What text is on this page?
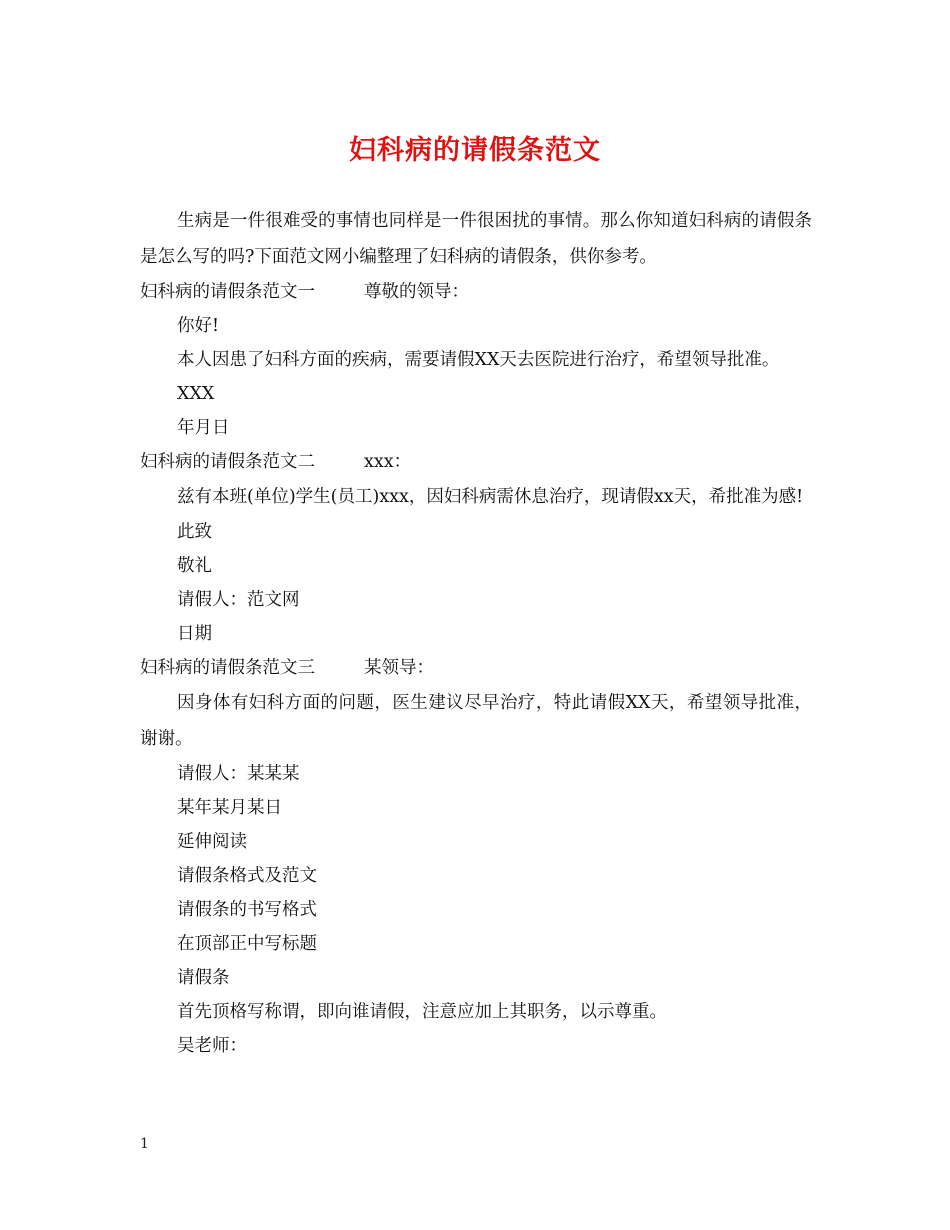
妇科病的请假条范文
生病是一件很难受的事情也同样是一件很困扰的事情。那么你知道妇科病的请假条是怎么写的吗?下面范文网小编整理了妇科病的请假条，供你参考。
妇科病的请假条范文一	尊敬的领导：
你好!
本人因患了妇科方面的疾病，需要请假XX天去医院进行治疗，希望领导批准。
XXX
年月日
妇科病的请假条范文二	xxx：
兹有本班(单位)学生(员工)xxx，因妇科病需休息治疗，现请假xx天，希批准为感!
此致
敬礼
请假人：范文网
日期
妇科病的请假条范文三	某领导：
因身体有妇科方面的问题，医生建议尽早治疗，特此请假XX天，希望领导批准，谢谢。
请假人：某某某
某年某月某日
延伸阅读
请假条格式及范文
请假条的书写格式
在顶部正中写标题
请假条
首先顶格写称谓，即向谁请假，注意应加上其职务，以示尊重。
吴老师：
1
